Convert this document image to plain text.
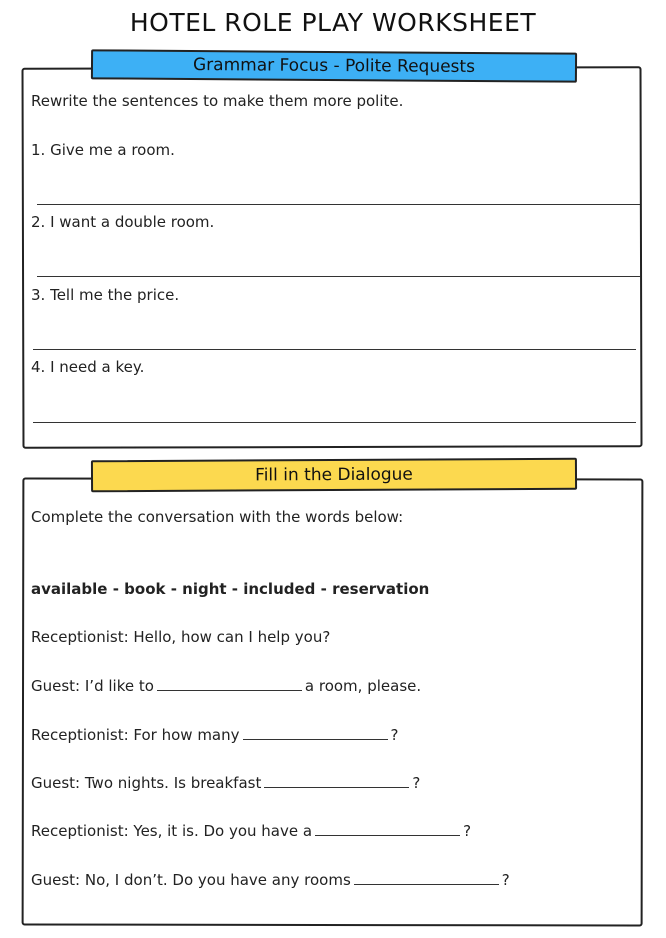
HOTEL ROLE PLAY WORKSHEET
Grammar Focus - Polite Requests
Rewrite the sentences to make them more polite.
1. Give me a room.
2. I want a double room.
3. Tell me the price.
4. I need a key.
Fill in the Dialogue
Complete the conversation with the words below:
available - book - night - included - reservation
Receptionist: Hello, how can I help you?
Guest: I’d like to	a room, please.
Receptionist: For how many	?
Guest: Two nights. Is breakfast	?
Receptionist: Yes, it is. Do you have a	?
Guest: No, I don’t. Do you have any rooms	?
